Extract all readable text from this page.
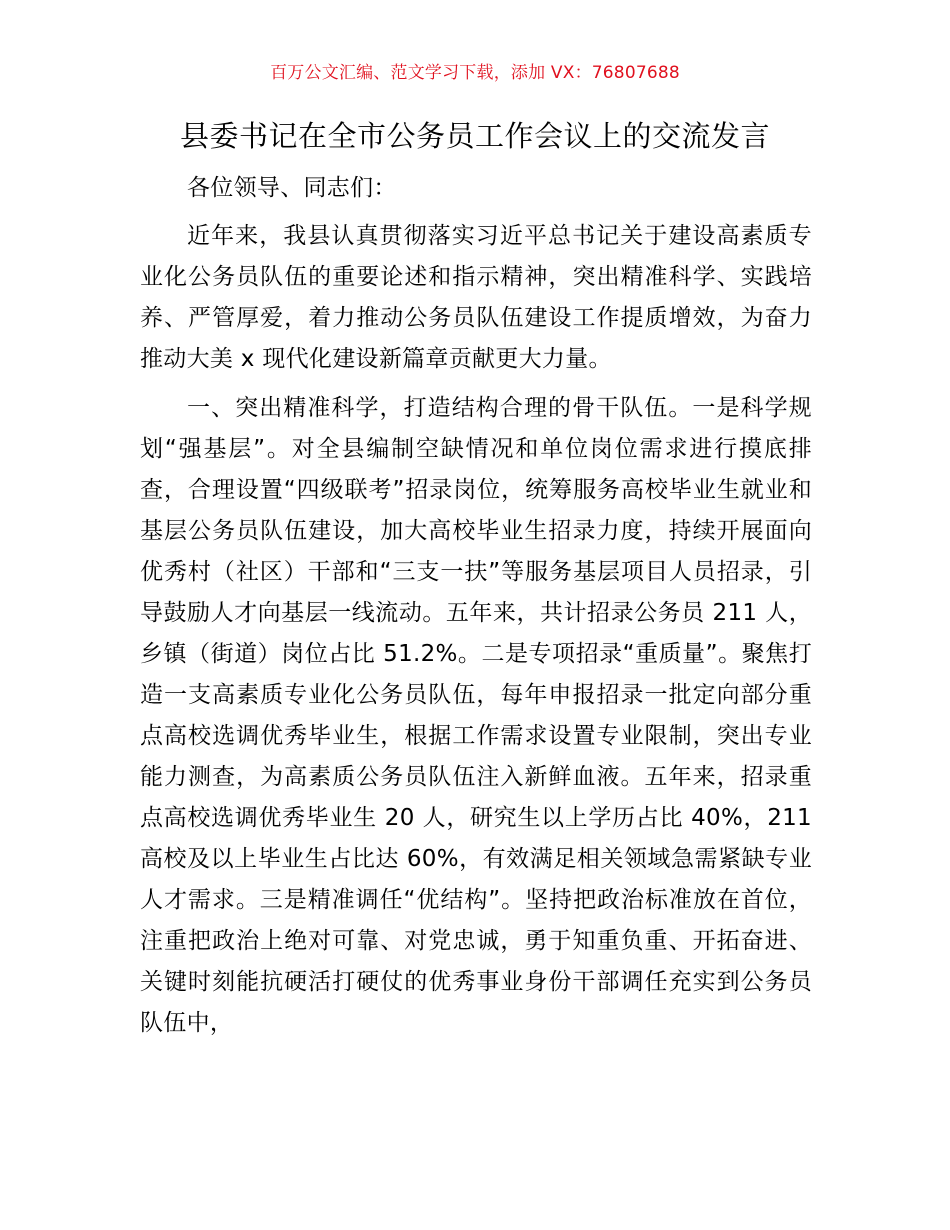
百万公文汇编、范文学习下载，添加 VX：76807688
县委书记在全市公务员工作会议上的交流发言

各位领导、同志们：

近年来，我县认真贯彻落实习近平总书记关于建设高素质专业化公务员队伍的重要论述和指示精神，突出精准科学、实践培养、严管厚爱，着力推动公务员队伍建设工作提质增效，为奋力推动大美 x 现代化建设新篇章贡献更大力量。

一、突出精准科学，打造结构合理的骨干队伍。一是科学规划“强基层”。对全县编制空缺情况和单位岗位需求进行摸底排查，合理设置“四级联考”招录岗位，统筹服务高校毕业生就业和基层公务员队伍建设，加大高校毕业生招录力度，持续开展面向优秀村（社区）干部和“三支一扶”等服务基层项目人员招录，引导鼓励人才向基层一线流动。五年来，共计招录公务员 211 人，乡镇（街道）岗位占比 51.2%。二是专项招录“重质量”。聚焦打造一支高素质专业化公务员队伍，每年申报招录一批定向部分重点高校选调优秀毕业生，根据工作需求设置专业限制，突出专业能力测查，为高素质公务员队伍注入新鲜血液。五年来，招录重点高校选调优秀毕业生 20 人，研究生以上学历占比 40%，211 高校及以上毕业生占比达 60%，有效满足相关领域急需紧缺专业人才需求。三是精准调任“优结构”。坚持把政治标准放在首位，注重把政治上绝对可靠、对党忠诚，勇于知重负重、开拓奋进、关键时刻能抗硬活打硬仗的优秀事业身份干部调任充实到公务员队伍中，
